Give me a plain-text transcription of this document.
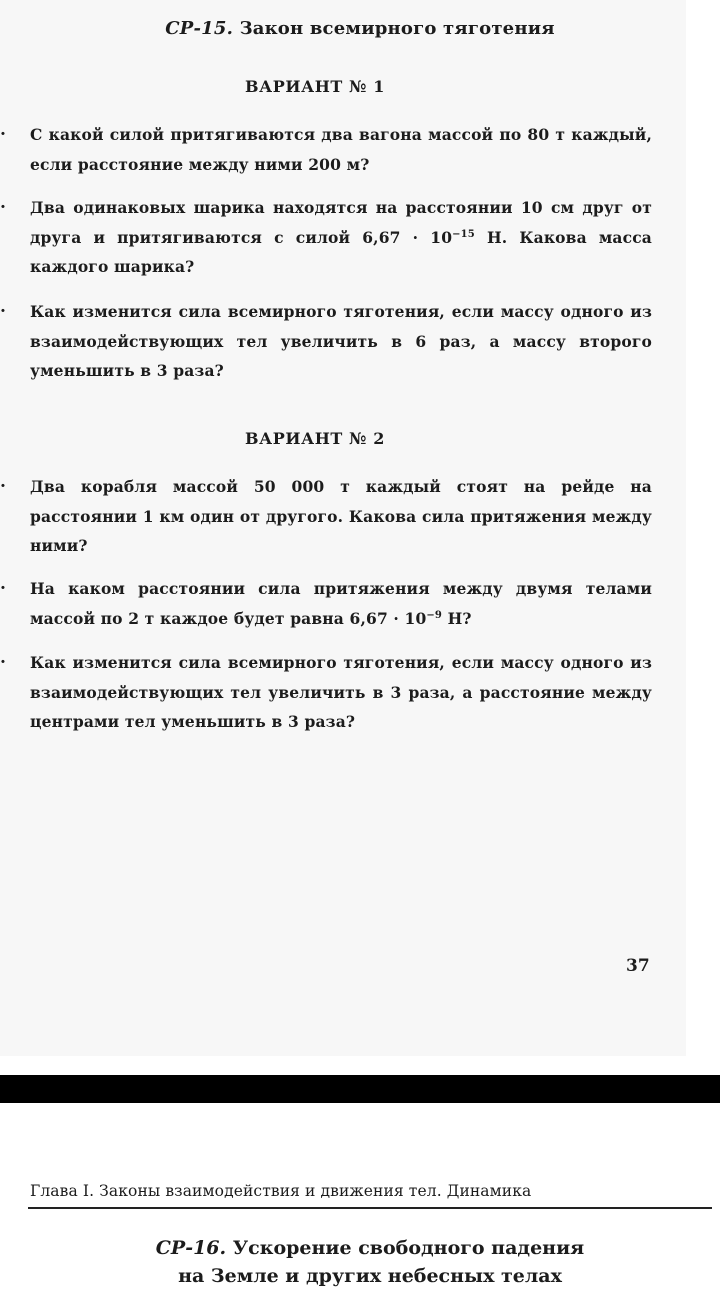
СР-15. Закон всемирного тяготения
ВАРИАНТ № 1
. С какой силой притягиваются два вагона массой по 80 т каждый, если расстояние между ними 200 м?
. Два одинаковых шарика находятся на расстоянии 10 см друг от друга и притягиваются с силой $6,67 \cdot 10^{-15}$ Н. Какова масса каждого шарика?
. Как изменится сила всемирного тяготения, если массу одного из взаимодействующих тел увеличить в 6 раз, а массу второго уменьшить в 3 раза?
ВАРИАНТ № 2
. Два корабля массой 50 000 т каждый стоят на рейде на расстоянии 1 км один от другого. Какова сила притяжения между ними?
. На каком расстоянии сила притяжения между двумя телами массой по 2 т каждое будет равна $6,67 \cdot 10^{-9}$ Н?
. Как изменится сила всемирного тяготения, если массу одного из взаимодействующих тел увеличить в 3 раза, а расстояние между центрами тел уменьшить в 3 раза?
37
Глава I. Законы взаимодействия и движения тел. Динамика
СР-16. Ускорение свободного падения
на Земле и других небесных телах
